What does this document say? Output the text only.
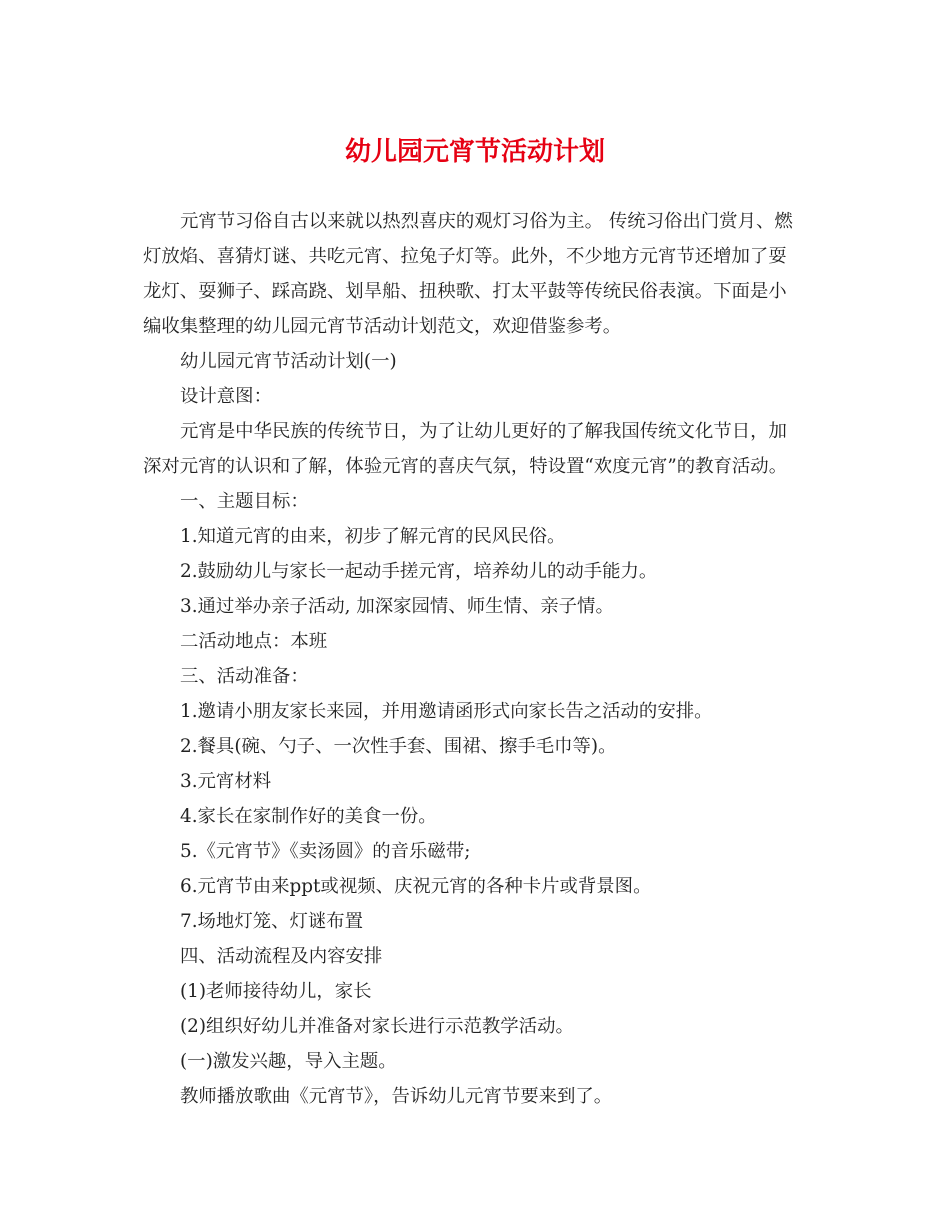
幼儿园元宵节活动计划
元宵节习俗自古以来就以热烈喜庆的观灯习俗为主。 传统习俗出门赏月、燃
灯放焰、喜猜灯谜、共吃元宵、拉兔子灯等。此外，不少地方元宵节还增加了耍
龙灯、耍狮子、踩高跷、划旱船、扭秧歌、打太平鼓等传统民俗表演。下面是小
编收集整理的幼儿园元宵节活动计划范文，欢迎借鉴参考。
幼儿园元宵节活动计划(一)
设计意图：
元宵是中华民族的传统节日，为了让幼儿更好的了解我国传统文化节日，加
深对元宵的认识和了解，体验元宵的喜庆气氛，特设置“欢度元宵”的教育活动。
一、主题目标：
1.知道元宵的由来，初步了解元宵的民风民俗。
2.鼓励幼儿与家长一起动手搓元宵，培养幼儿的动手能力。
3.通过举办亲子活动, 加深家园情、师生情、亲子情。
二活动地点：本班
三、活动准备：
1.邀请小朋友家长来园，并用邀请函形式向家长告之活动的安排。
2.餐具(碗、勺子、一次性手套、围裙、擦手毛巾等)。
3.元宵材料
4.家长在家制作好的美食一份。
5.《元宵节》《卖汤圆》的音乐磁带;
6.元宵节由来ppt或视频、庆祝元宵的各种卡片或背景图。
7.场地灯笼、灯谜布置
四、活动流程及内容安排
(1)老师接待幼儿，家长
(2)组织好幼儿并准备对家长进行示范教学活动。
(一)激发兴趣，导入主题。
教师播放歌曲《元宵节》，告诉幼儿元宵节要来到了。
